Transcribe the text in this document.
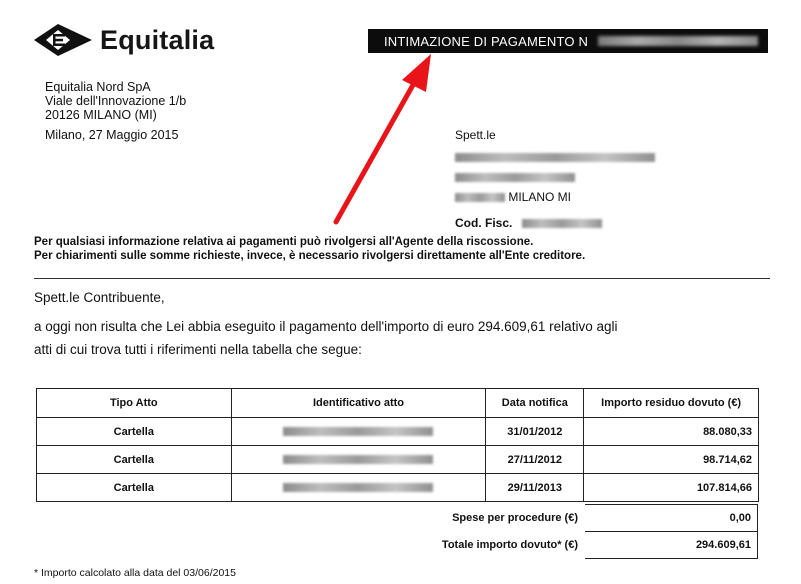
Equitalia	INTIMAZIONE DI PAGAMENTO N
Equitalia Nord SpA
Viale dell'Innovazione 1/b
20126 MILANO (MI)
Milano, 27 Maggio 2015	Spett.le
MILANO MI
Cod. Fisc.
Per qualsiasi informazione relativa ai pagamenti può rivolgersi all'Agente della riscossione.
Per chiarimenti sulle somme richieste, invece, è necessario rivolgersi direttamente all'Ente creditore.
Spett.le Contribuente,
a oggi non risulta che Lei abbia eseguito il pagamento dell'importo di euro 294.609,61 relativo agli
atti di cui trova tutti i riferimenti nella tabella che segue:
Tipo Atto	Identificativo atto	Data notifica	Importo residuo dovuto (€)
Cartella		31/01/2012	88.080,33
Cartella		27/11/2012	98.714,62
Cartella		29/11/2013	107.814,66
Spese per procedure (€)	0,00
Totale importo dovuto* (€)	294.609,61
* Importo calcolato alla data del 03/06/2015
